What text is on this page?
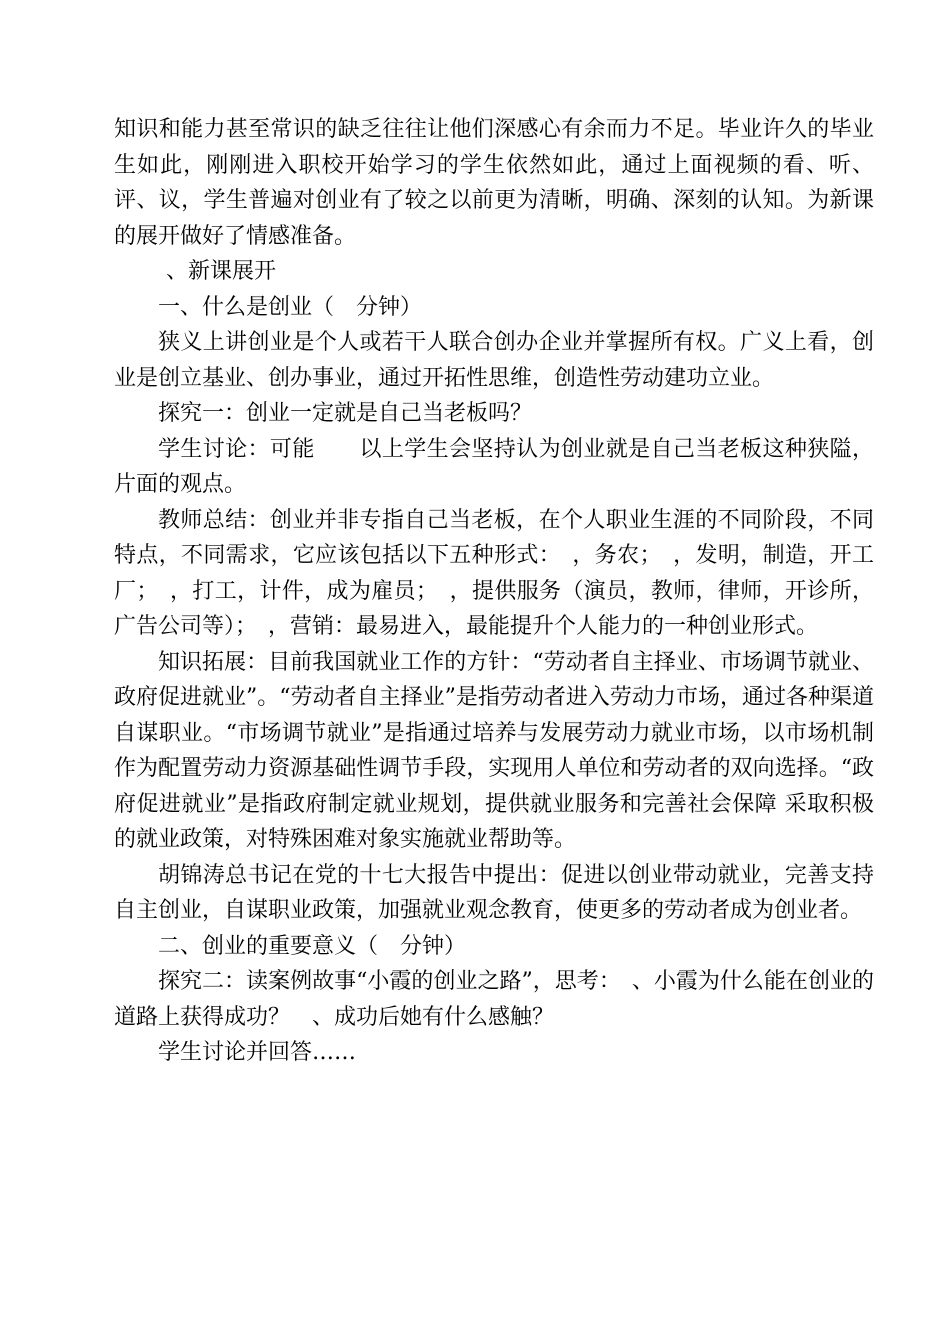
知识和能力甚至常识的缺乏往往让他们深感心有余而力不足。毕业许久的毕业生如此，刚刚进入职校开始学习的学生依然如此，通过上面视频的看、听、评、议，学生普遍对创业有了较之以前更为清晰，明确、深刻的认知。为新课的展开做好了情感准备。

、新课展开

一、什么是创业（　分钟）

狭义上讲创业是个人或若干人联合创办企业并掌握所有权。广义上看，创业是创立基业、创办事业，通过开拓性思维，创造性劳动建功立业。

探究一：创业一定就是自己当老板吗？

学生讨论：可能　　以上学生会坚持认为创业就是自己当老板这种狭隘，片面的观点。

教师总结：创业并非专指自己当老板，在个人职业生涯的不同阶段，不同特点，不同需求，它应该包括以下五种形式：　，务农；　，发明，制造，开工厂；　，打工，计件，成为雇员；　，提供服务（演员，教师，律师，开诊所，广告公司等）；　，营销：最易进入，最能提升个人能力的一种创业形式。

知识拓展：目前我国就业工作的方针：“劳动者自主择业、市场调节就业、政府促进就业”。“劳动者自主择业”是指劳动者进入劳动力市场，通过各种渠道自谋职业。“市场调节就业”是指通过培养与发展劳动力就业市场，以市场机制作为配置劳动力资源基础性调节手段，实现用人单位和劳动者的双向选择。“政府促进就业”是指政府制定就业规划，提供就业服务和完善社会保障 采取积极的就业政策，对特殊困难对象实施就业帮助等。

胡锦涛总书记在党的十七大报告中提出：促进以创业带动就业，完善支持自主创业，自谋职业政策，加强就业观念教育，使更多的劳动者成为创业者。

二、创业的重要意义（　分钟）

探究二：读案例故事“小霞的创业之路”，思考：　、小霞为什么能在创业的道路上获得成功？　、成功后她有什么感触？

学生讨论并回答……
